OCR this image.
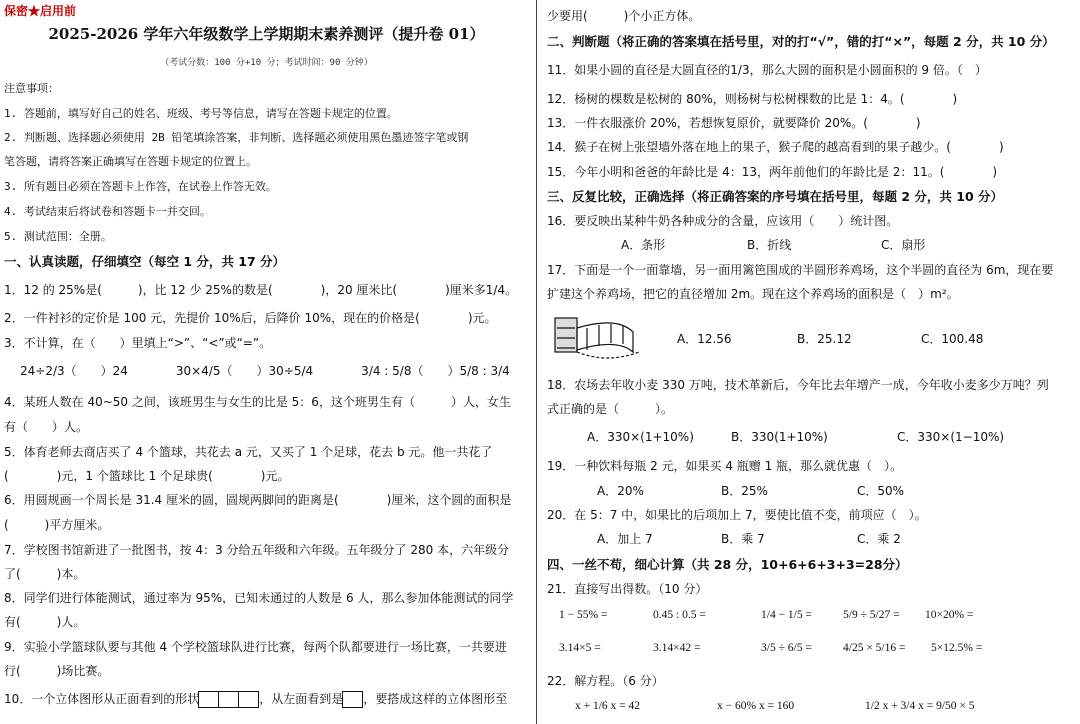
保密★启用前
2025-2026 学年六年级数学上学期期末素养测评（提升卷 01）
（考试分数：100 分+10 分；考试时间：90 分钟）
注意事项：
1. 答题前，填写好自己的姓名、班级、考号等信息，请写在答题卡规定的位置。
2. 判断题、选择题必须使用 2B 铅笔填涂答案，非判断、选择题必须使用黑色墨迹签字笔或钢
笔答题，请将答案正确填写在答题卡规定的位置上。
3. 所有题目必须在答题卡上作答，在试卷上作答无效。
4. 考试结束后将试卷和答题卡一并交回。
5. 测试范围：全册。
一、认真读题，仔细填空（每空 1 分，共 17 分）
1．12 的 25%是(　　　)，比 12 少 25%的数是(　　　　)，20 厘米比(　　　　)厘米多1/4。
2．一件衬衫的定价是 100 元，先提价 10%后，后降价 10%，现在的价格是(　　　　)元。
3．不计算，在（　　）里填上“>”、“<”或“=”。
24÷2/3（　　）24　　　　30×4/5（　　）30÷5/4　　　　3/4 : 5/8（　　）5/8 : 3/4
4．某班人数在 40~50 之间，该班男生与女生的比是 5：6，这个班男生有（　　　）人，女生
有（　　）人。
5．体育老师去商店买了 4 个篮球，共花去 a 元，又买了 1 个足球，花去 b 元。他一共花了
(　　　　)元，1 个篮球比 1 个足球贵(　　　　)元。
6．用圆规画一个周长是 31.4 厘米的圆，圆规两脚间的距离是(　　　　)厘米，这个圆的面积是
(　　　)平方厘米。
7．学校图书馆新进了一批图书，按 4：3 分给五年级和六年级。五年级分了 280 本，六年级分
了(　　　)本。
8．同学们进行体能测试，通过率为 95%，已知未通过的人数是 6 人，那么参加体能测试的同学
有(　　　)人。
9．实验小学篮球队要与其他 4 个学校篮球队进行比赛，每两个队都要进行一场比赛，一共要进
行(　　　)场比赛。
10．一个立体图形从正面看到的形状	，从左面看到是 ，要搭成这样的立体图形至
少要用(　　　)个小正方体。
二、判断题（将正确的答案填在括号里，对的打“√”，错的打“×”，每题 2 分，共 10 分）
11．如果小圆的直径是大圆直径的1/3，那么大圆的面积是小圆面积的 9 倍。（　）
12．杨树的棵数是松树的 80%，则杨树与松树棵数的比是 1：4。(　　　　)
13．一件衣服涨价 20%，若想恢复原价，就要降价 20%。(　　　　)
14．猴子在树上张望墙外落在地上的果子，猴子爬的越高看到的果子越少。(　　　　)
15．今年小明和爸爸的年龄比是 4：13，两年前他们的年龄比是 2：11。(　　　　)
三、反复比较，正确选择（将正确答案的序号填在括号里，每题 2 分，共 10 分）
16．要反映出某种牛奶各种成分的含量，应该用（　　）统计图。
A．条形	B．折线	C．扇形
17．下面是一个一面靠墙，另一面用篱笆围成的半圆形养鸡场，这个半圆的直径为 6m，现在要
扩建这个养鸡场，把它的直径增加 2m。现在这个养鸡场的面积是（　）m²。
A．12.56	B．25.12	C．100.48
18．农场去年收小麦 330 万吨，技术革新后，今年比去年增产一成，今年收小麦多少万吨？列
式正确的是（　　　）。
A．330×(1+10%)	B．330(1+10%)	C．330×(1−10%)
19．一种饮料每瓶 2 元，如果买 4 瓶赠 1 瓶，那么就优惠（　）。
A．20%	B．25%	C．50%
20．在 5：7 中，如果比的后项加上 7，要使比值不变，前项应（　）。
A．加上 7	B．乘 7	C．乘 2
四、一丝不苟，细心计算（共 28 分，10+6+6+3+3=28分）
21．直接写出得数。（10 分）
1 − 55% =	0.45 : 0.5 =	1/4 − 1/5 =	5/9 ÷ 5/27 = 10×20% =
3.14×5 =	3.14×42 =	3/5 ÷ 6/5 =	4/25 × 5/16 = 5×12.5% =
22．解方程。（6 分）
x + 1/6 x = 42	x − 60% x = 160	1/2 x + 3/4 x = 9/50 × 5
